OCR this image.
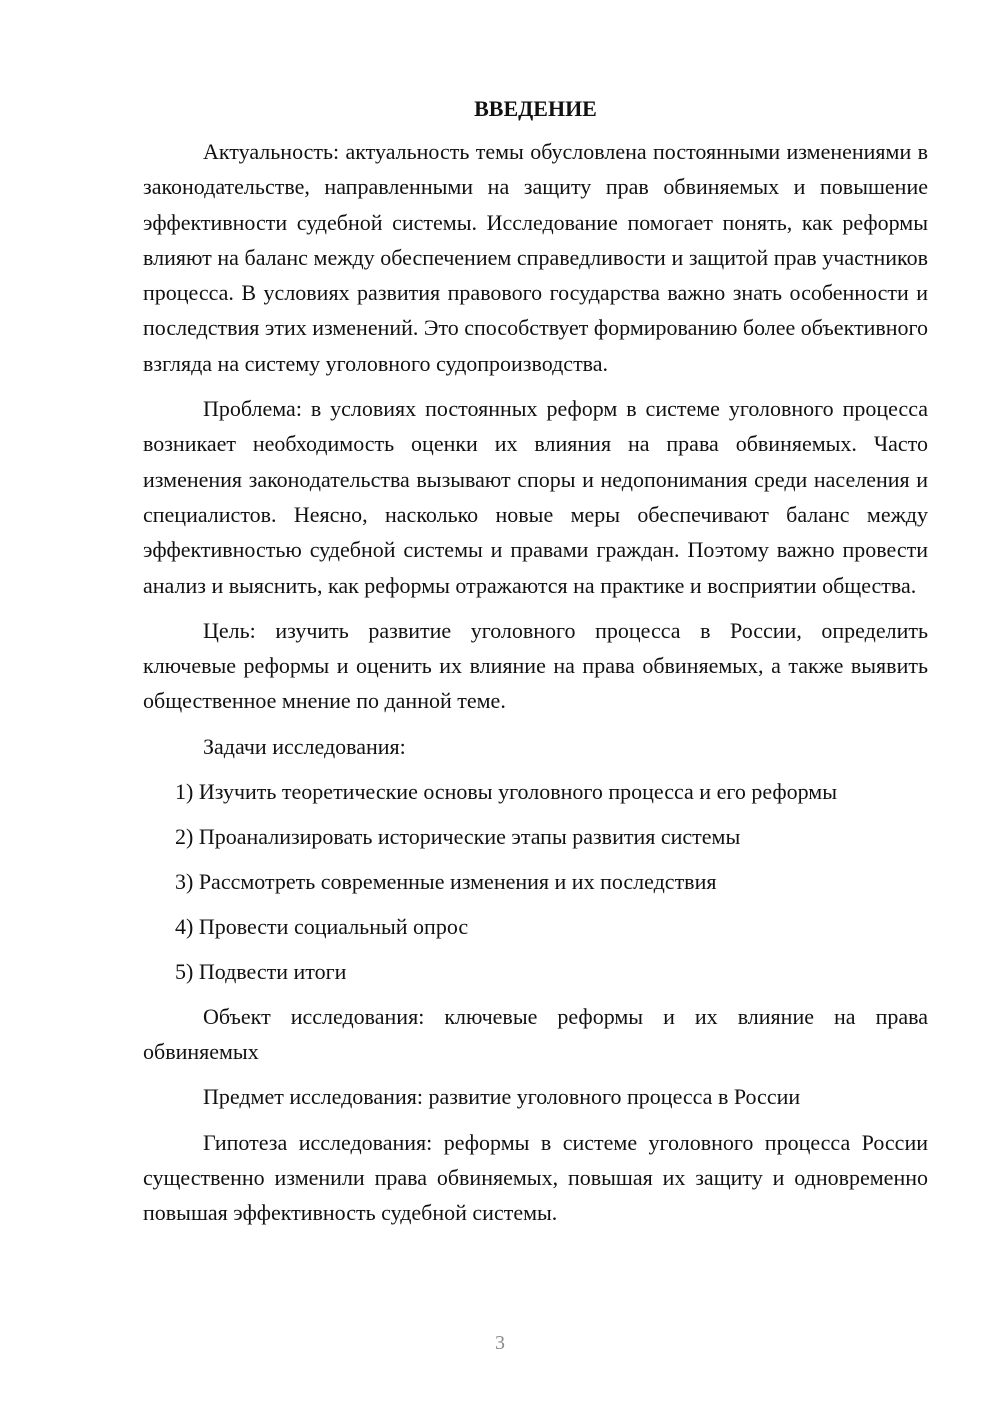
ВВЕДЕНИЕ

Актуальность: актуальность темы обусловлена постоянными изменениями в законодательстве, направленными на защиту прав обвиняемых и повышение эффективности судебной системы. Исследование помогает понять, как реформы влияют на баланс между обеспечением справедливости и защитой прав участников процесса. В условиях развития правового государства важно знать особенности и последствия этих изменений. Это способствует формированию более объективного взгляда на систему уголовного судопроизводства.

Проблема: в условиях постоянных реформ в системе уголовного процесса возникает необходимость оценки их влияния на права обвиняемых. Часто изменения законодательства вызывают споры и недопонимания среди населения и специалистов. Неясно, насколько новые меры обеспечивают баланс между эффективностью судебной системы и правами граждан. Поэтому важно провести анализ и выяснить, как реформы отражаются на практике и восприятии общества.

Цель: изучить развитие уголовного процесса в России, определить ключевые реформы и оценить их влияние на права обвиняемых, а также выявить общественное мнение по данной теме.

Задачи исследования:
1) Изучить теоретические основы уголовного процесса и его реформы
2) Проанализировать исторические этапы развития системы
3) Рассмотреть современные изменения и их последствия
4) Провести социальный опрос
5) Подвести итоги

Объект исследования: ключевые реформы и их влияние на права обвиняемых

Предмет исследования: развитие уголовного процесса в России

Гипотеза исследования: реформы в системе уголовного процесса России существенно изменили права обвиняемых, повышая их защиту и одновременно повышая эффективность судебной системы.

3
